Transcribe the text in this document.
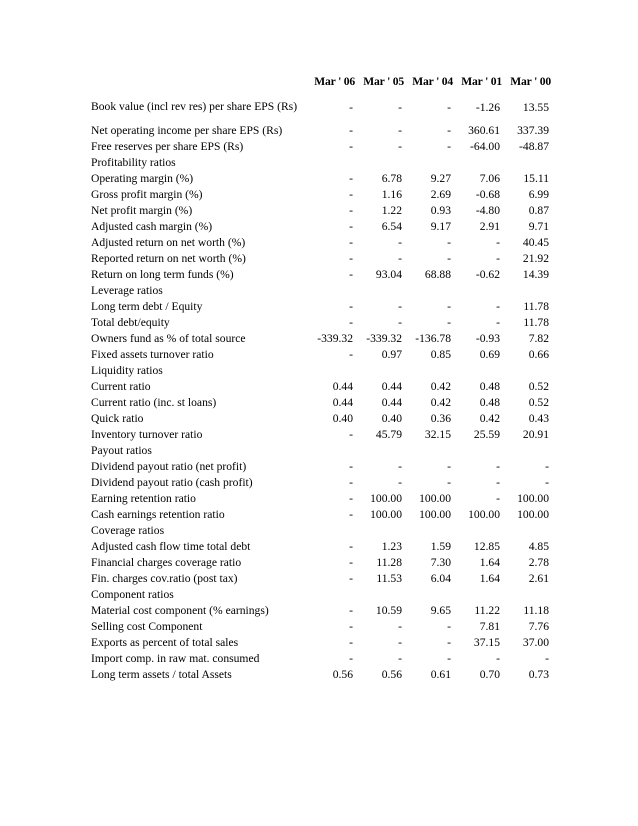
	Mar ' 06	Mar ' 05	Mar ' 04	Mar ' 01	Mar ' 00
Book value (incl rev res) per share EPS (Rs)	-	-	-	-1.26	13.55
Net operating income per share EPS (Rs)	-	-	-	360.61	337.39
Free reserves per share EPS (Rs)	-	-	-	-64.00	-48.87
Profitability ratios					
Operating margin (%)	-	6.78	9.27	7.06	15.11
Gross profit margin (%)	-	1.16	2.69	-0.68	6.99
Net profit margin (%)	-	1.22	0.93	-4.80	0.87
Adjusted cash margin (%)	-	6.54	9.17	2.91	9.71
Adjusted return on net worth (%)	-	-	-	-	40.45
Reported return on net worth (%)	-	-	-	-	21.92
Return on long term funds (%)	-	93.04	68.88	-0.62	14.39
Leverage ratios					
Long term debt / Equity	-	-	-	-	11.78
Total debt/equity	-	-	-	-	11.78
Owners fund as % of total source	-339.32	-339.32	-136.78	-0.93	7.82
Fixed assets turnover ratio	-	0.97	0.85	0.69	0.66
Liquidity ratios					
Current ratio	0.44	0.44	0.42	0.48	0.52
Current ratio (inc. st loans)	0.44	0.44	0.42	0.48	0.52
Quick ratio	0.40	0.40	0.36	0.42	0.43
Inventory turnover ratio	-	45.79	32.15	25.59	20.91
Payout ratios					
Dividend payout ratio (net profit)	-	-	-	-	-
Dividend payout ratio (cash profit)	-	-	-	-	-
Earning retention ratio	-	100.00	100.00	-	100.00
Cash earnings retention ratio	-	100.00	100.00	100.00	100.00
Coverage ratios					
Adjusted cash flow time total debt	-	1.23	1.59	12.85	4.85
Financial charges coverage ratio	-	11.28	7.30	1.64	2.78
Fin. charges cov.ratio (post tax)	-	11.53	6.04	1.64	2.61
Component ratios					
Material cost component (% earnings)	-	10.59	9.65	11.22	11.18
Selling cost Component	-	-	-	7.81	7.76
Exports as percent of total sales	-	-	-	37.15	37.00
Import comp. in raw mat. consumed	-	-	-	-	-
Long term assets / total Assets	0.56	0.56	0.61	0.70	0.73
